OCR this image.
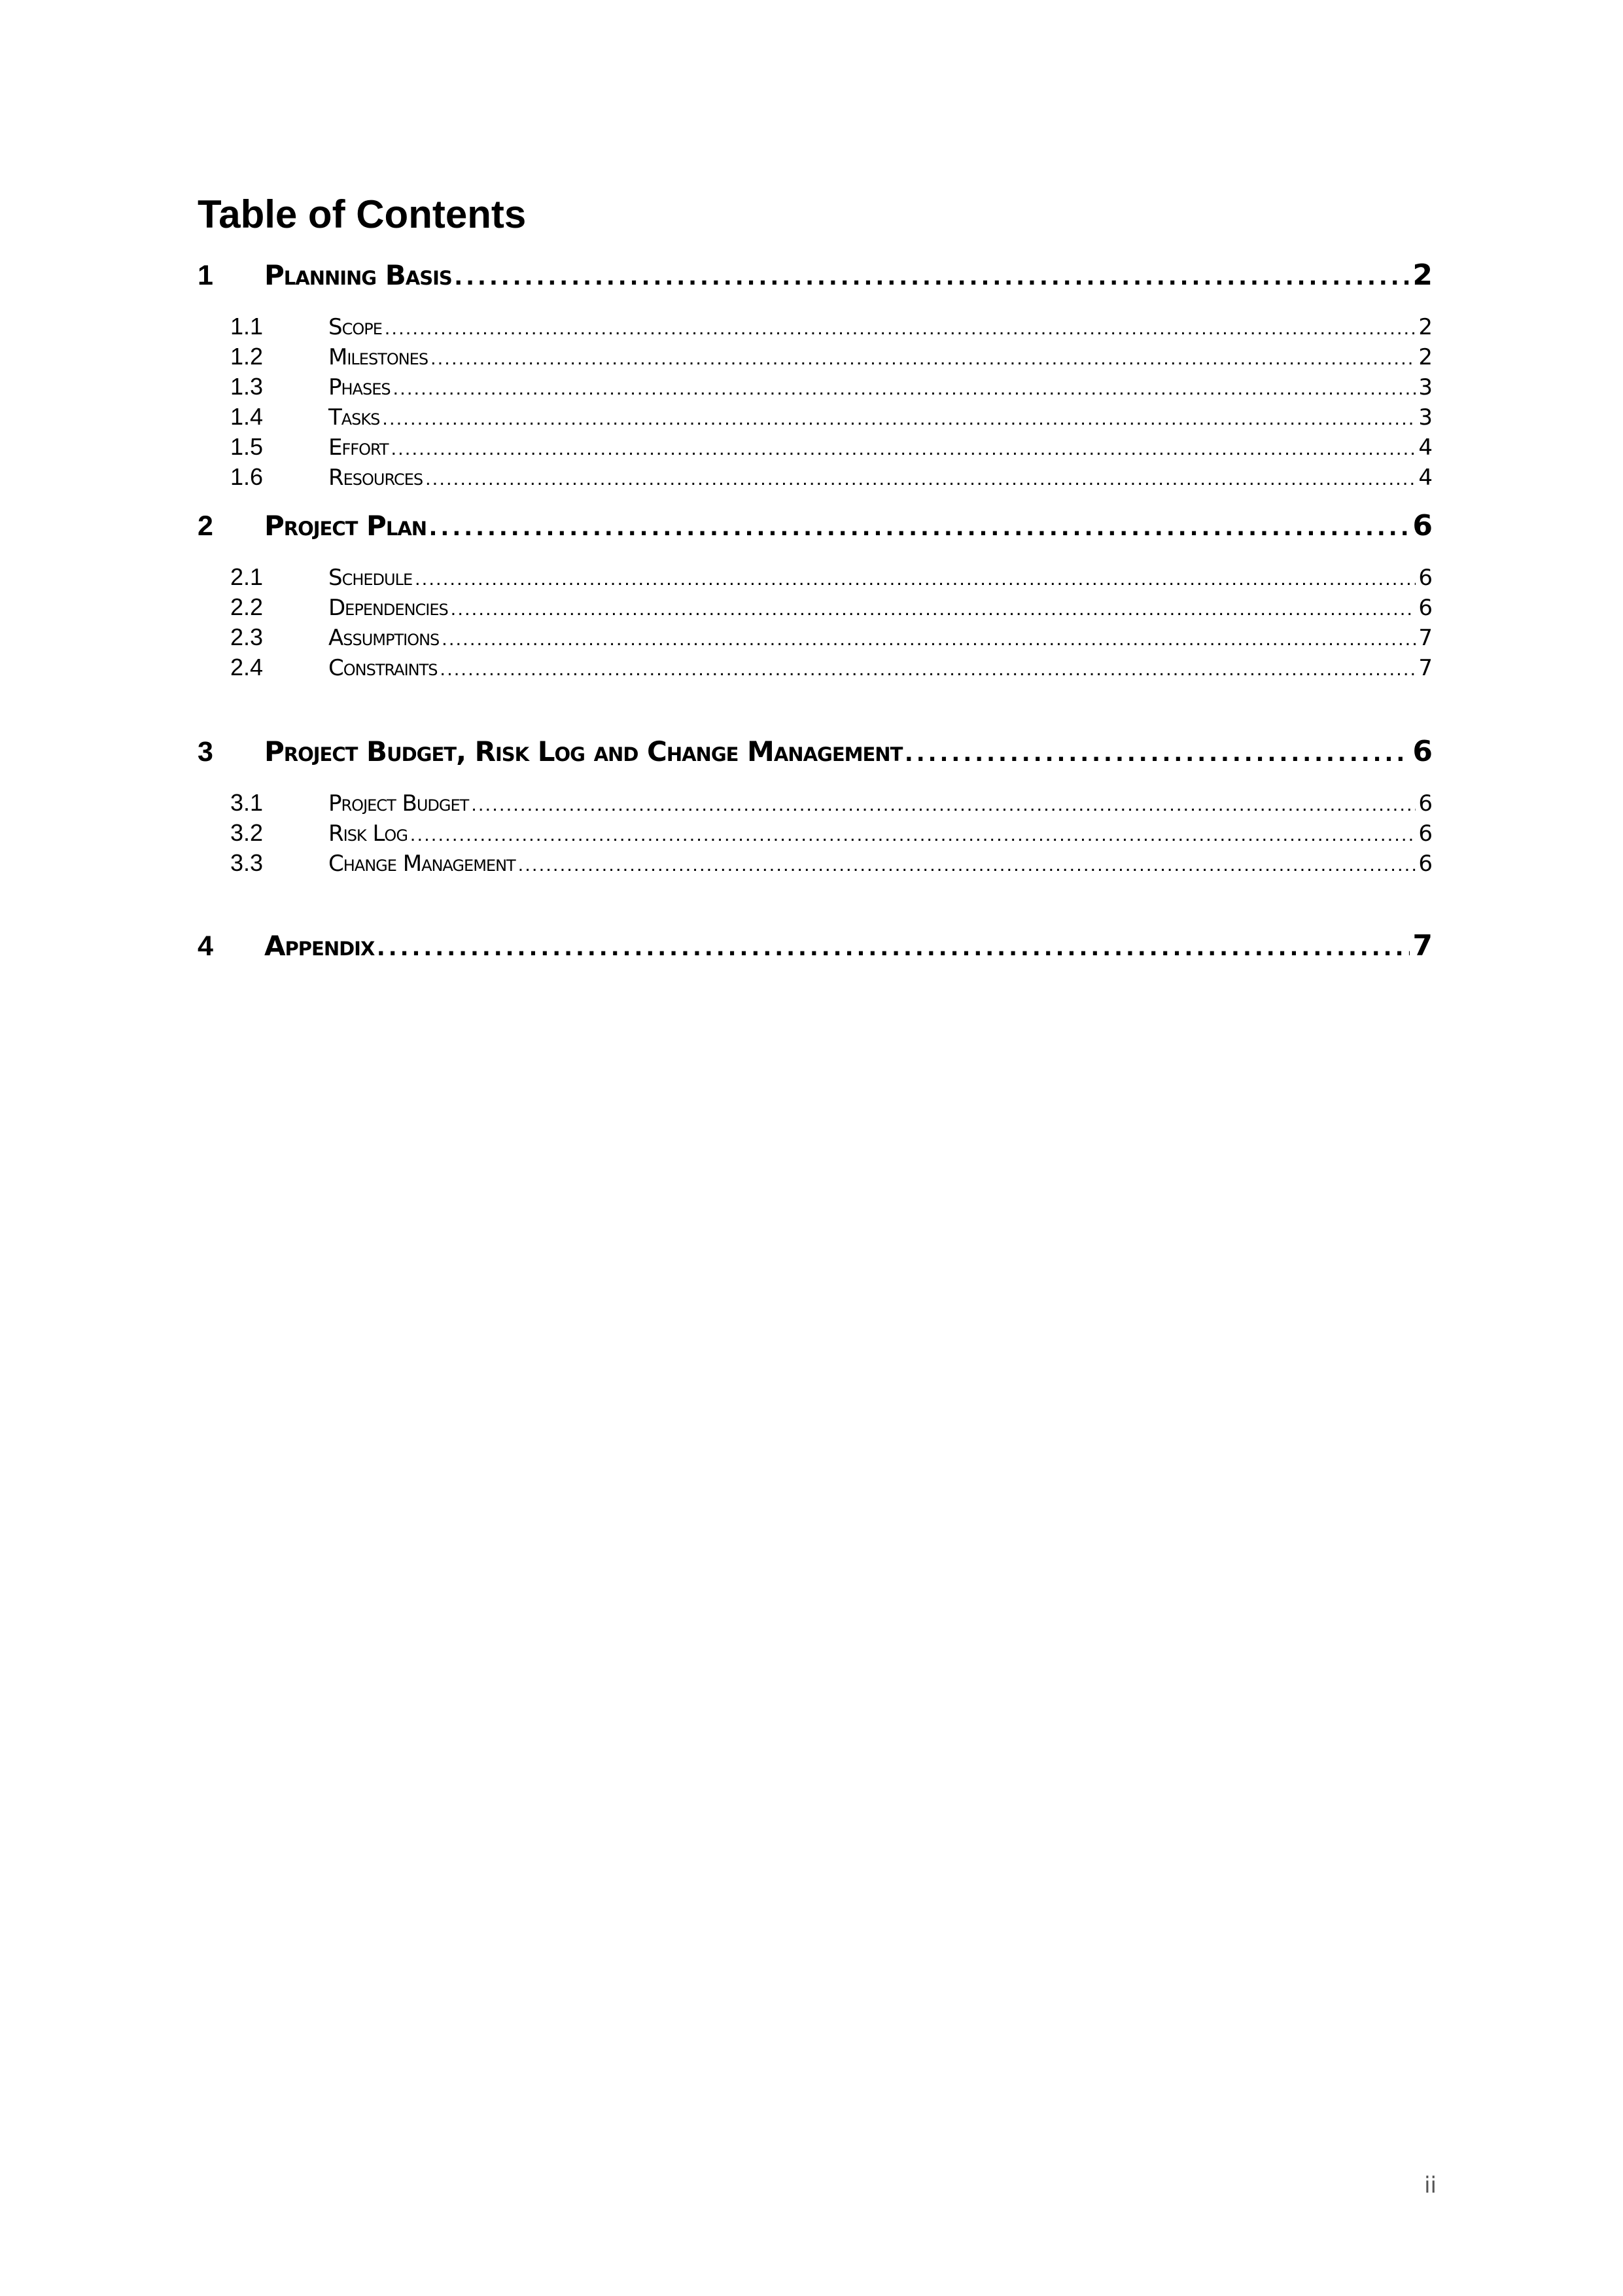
Table of Contents
1	Planning Basis . . .	2
1.1	Scope . . .	2
1.2	Milestones . . .	2
1.3	Phases . . .	3
1.4	Tasks . . .	3
1.5	Effort . . .	4
1.6	Resources . . .	4
2	Project Plan . . .	6
2.1	Schedule . . .	6
2.2	Dependencies . . .	6
2.3	Assumptions . . .	7
2.4	Constraints . . .	7
3	Project Budget, Risk Log and Change Management . . .	6
3.1	Project Budget . . .	6
3.2	Risk Log . . .	6
3.3	Change Management . . .	6
4	Appendix . . .	7
ii
